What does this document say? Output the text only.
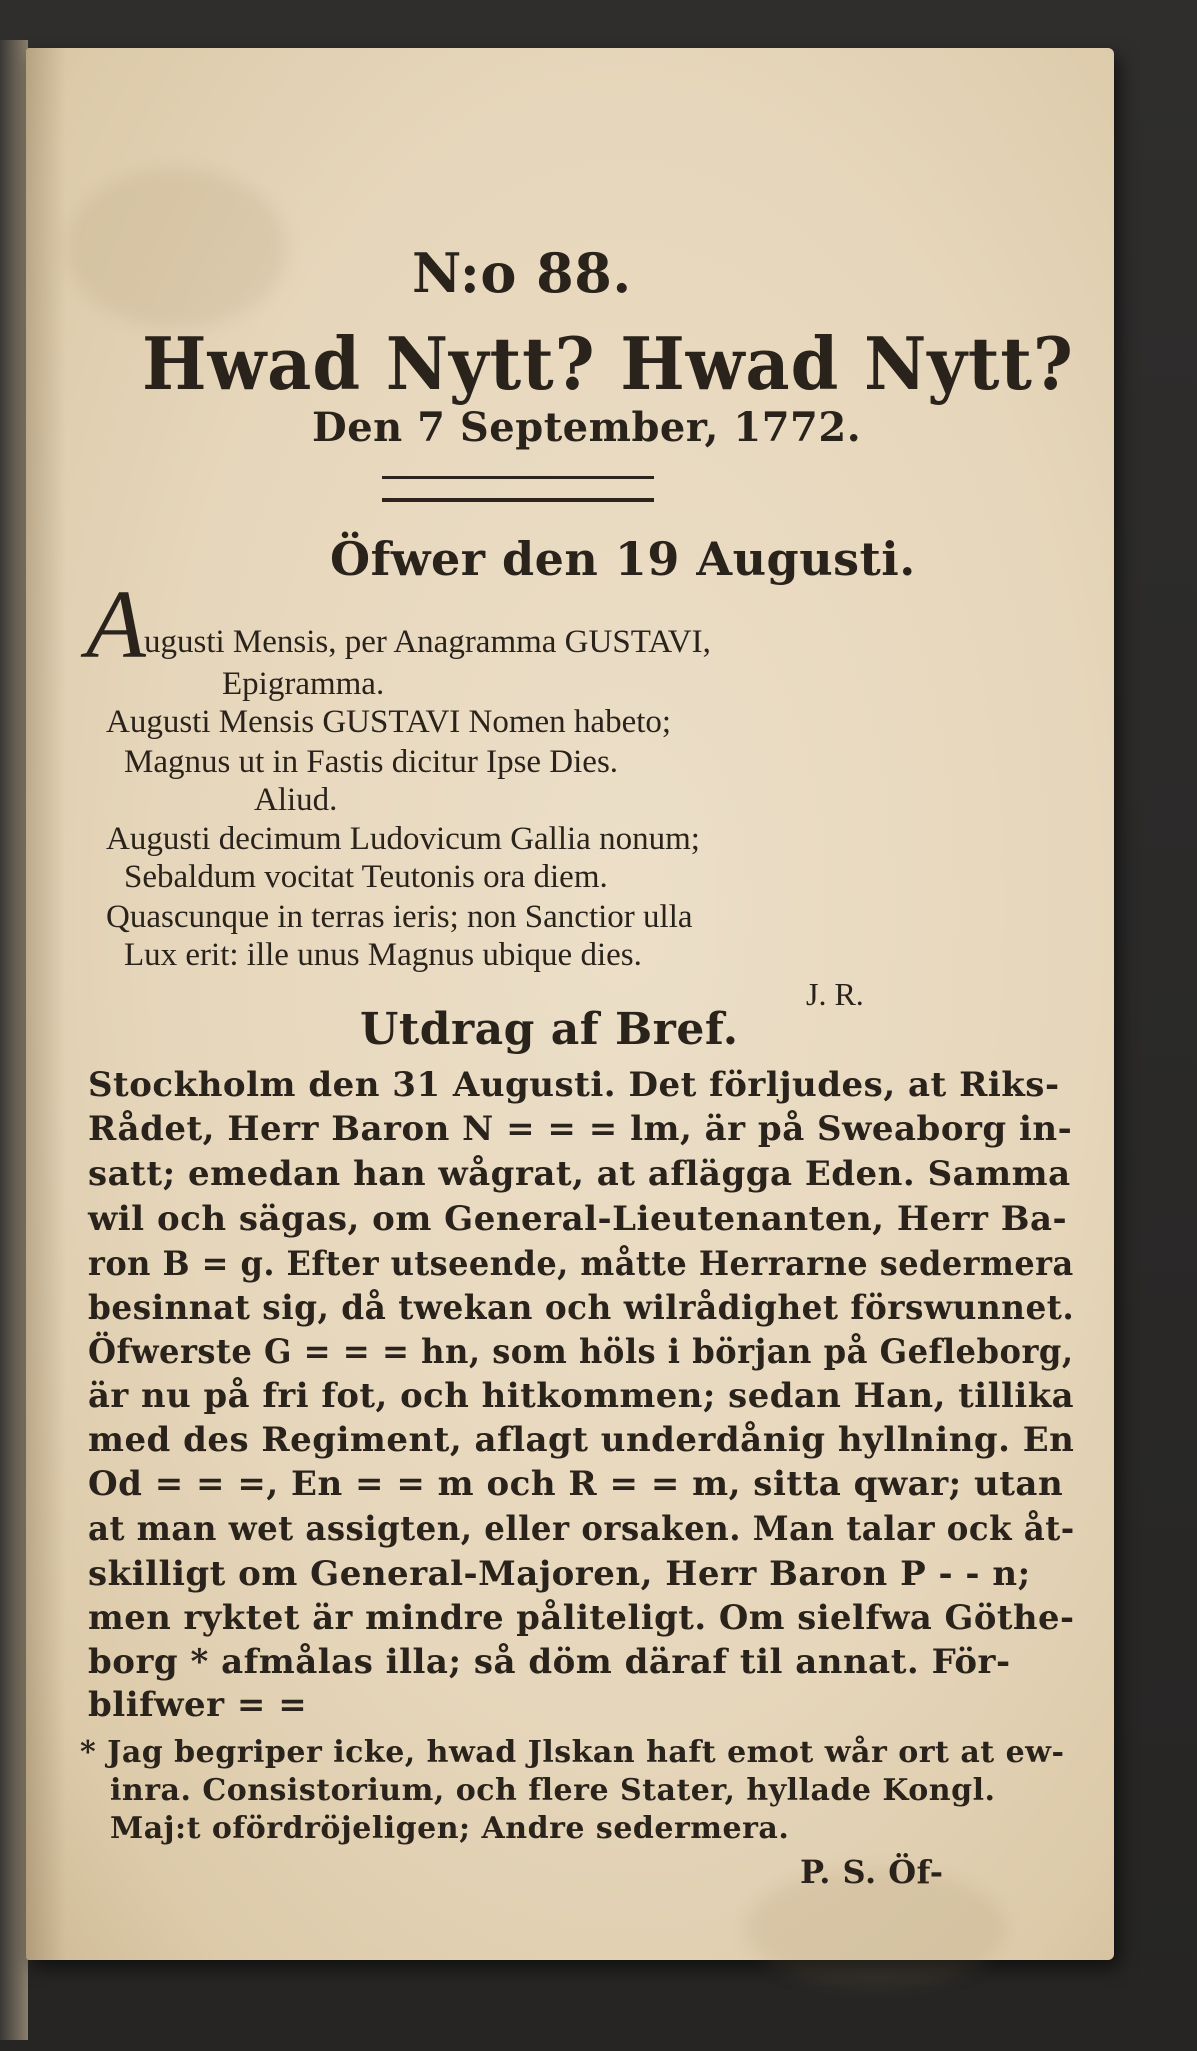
N:o 88.
Hwad Nytt? Hwad Nytt?
Den 7 September, 1772.
Öfwer den 19 Augusti.
A
ugusti Mensis, per Anagramma GUSTAVI,
Epigramma.
Augusti Mensis GUSTAVI Nomen habeto;
Magnus ut in Fastis dicitur Ipse Dies.
Aliud.
Augusti decimum Ludovicum Gallia nonum;
Sebaldum vocitat Teutonis ora diem.
Quascunque in terras ieris; non Sanctior ulla
Lux erit: ille unus Magnus ubique dies.
J. R.
Utdrag af Bref.
Stockholm den 31 Augusti. Det förljudes, at Riks-
Rådet, Herr Baron N = = = lm, är på Sweaborg in-
satt; emedan han wågrat, at aflägga Eden. Samma
wil och sägas, om General-Lieutenanten, Herr Ba-
ron B = g. Efter utseende, måtte Herrarne sedermera
besinnat sig, då twekan och wilrådighet förswunnet.
Öfwerste G = = = hn, som höls i början på Gefleborg,
är nu på fri fot, och hitkommen; sedan Han, tillika
med des Regiment, aflagt underdånig hyllning. En
Od = = =, En = = m och R = = m, sitta qwar; utan
at man wet assigten, eller orsaken. Man talar ock åt-
skilligt om General-Majoren, Herr Baron P - - n;
men ryktet är mindre påliteligt. Om sielfwa Göthe-
borg * afmålas illa; så döm däraf til annat. För-
blifwer = =
* Jag begriper icke, hwad Jlskan haft emot wår ort at ew-
inra. Consistorium, och flere Stater, hyllade Kongl.
Maj:t ofördröjeligen; Andre sedermera.
P. S. Öf-
